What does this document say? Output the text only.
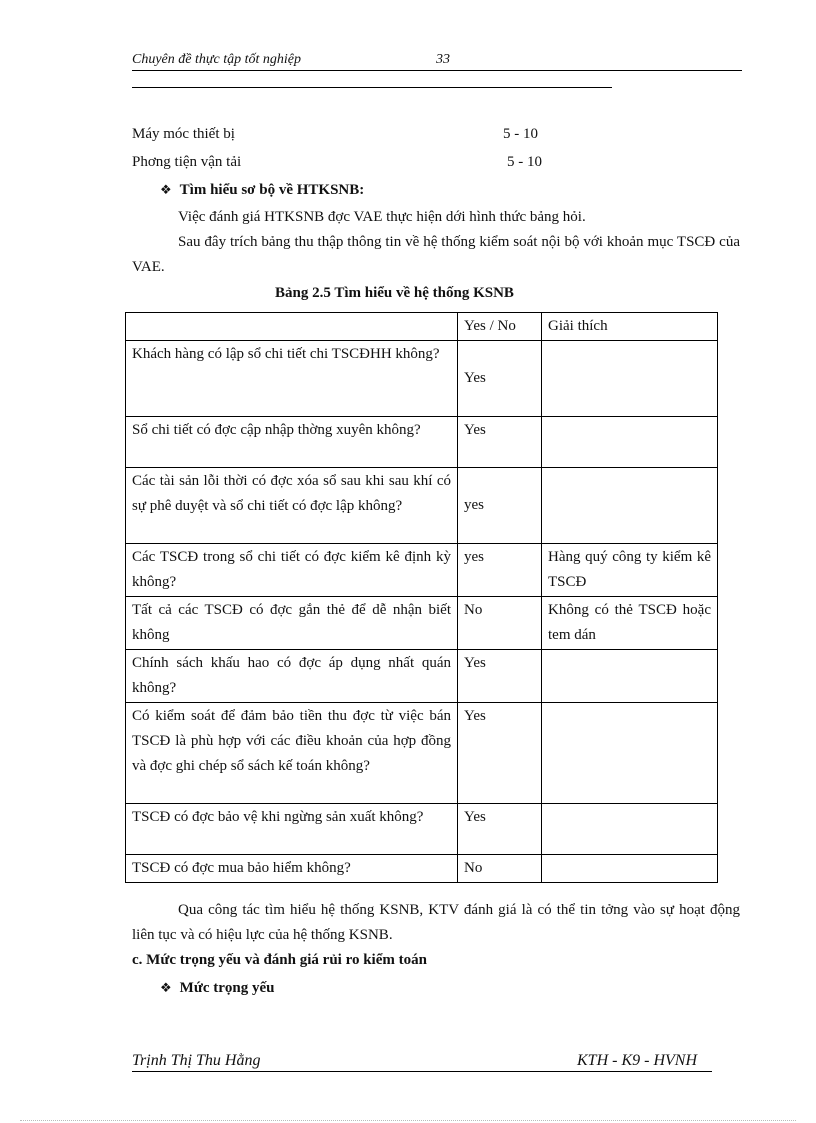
Chuyên đề thực tập tốt nghiệp	33
Máy móc thiết bị	5 - 10
Phơng tiện vận tải	5 - 10
❖ Tìm hiểu sơ bộ về HTKSNB:
Việc đánh giá HTKSNB đợc VAE thực hiện dới hình thức bảng hỏi.
Sau đây trích bảng thu thập thông tin về hệ thống kiểm soát nội bộ với khoản mục TSCĐ của VAE.
Bảng 2.5 Tìm hiểu về hệ thống KSNB
	Yes / No	Giải thích
Khách hàng có lập sổ chi tiết chi TSCĐHH không?	Yes	
Sổ chi tiết có đợc cập nhập thờng xuyên không?	Yes	
Các tài sản lỗi thời có đợc xóa sổ sau khi sau khí có sự phê duyệt và sổ chi tiết có đợc lập không?	yes	
Các TSCĐ trong sổ chi tiết có đợc kiểm kê định kỳ không?	yes	Hàng quý công ty kiểm kê TSCĐ
Tất cả các TSCĐ có đợc gắn thẻ để dễ nhận biết không	No	Không có thẻ TSCĐ hoặc tem dán
Chính sách khấu hao có đợc áp dụng nhất quán không?	Yes	
Có kiểm soát để đảm bảo tiền thu đợc từ việc bán TSCĐ là phù hợp với các điều khoản của hợp đồng và đợc ghi chép sổ sách kế toán không?	Yes	
TSCĐ có đợc bảo vệ khi ngừng sản xuất không?	Yes	
TSCĐ có đợc mua bảo hiểm không?	No	
Qua công tác tìm hiểu hệ thống KSNB, KTV đánh giá là có thể tin tởng vào sự hoạt động liên tục và có hiệu lực của hệ thống KSNB.
c. Mức trọng yếu và đánh giá rủi ro kiểm toán
❖ Mức trọng yếu
Trịnh Thị Thu Hằng	KTH - K9 - HVNH
